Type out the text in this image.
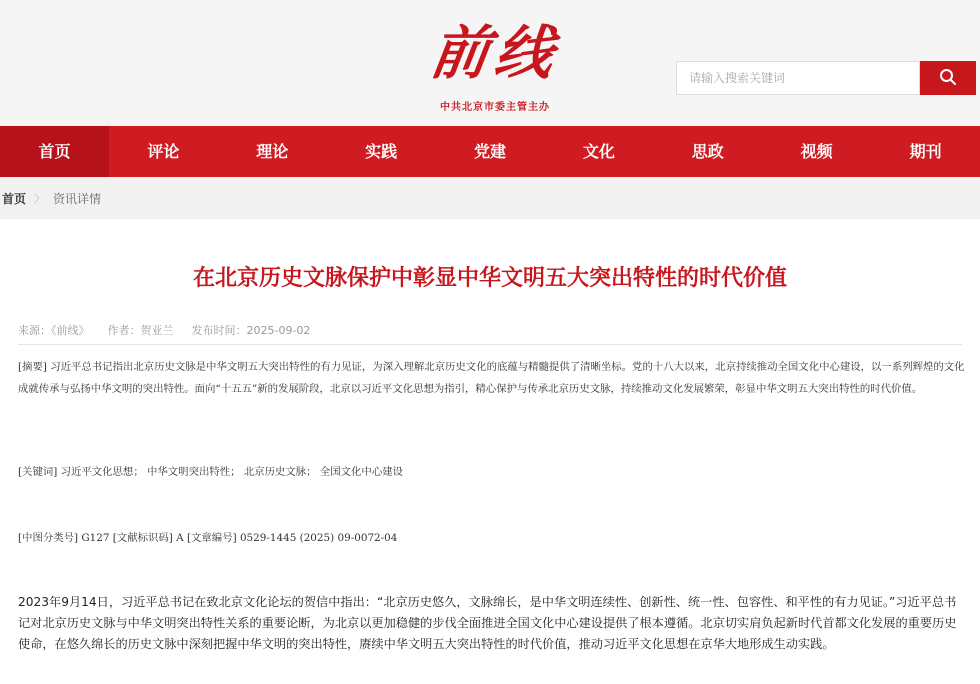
前线
中共北京市委主管主办
请输入搜索关键词
首页	评论	理论	实践	党建	文化	思政	视频	期刊
首页 〉 资讯详情
在北京历史文脉保护中彰显中华文明五大突出特性的时代价值
来源：《前线》 作者：贺亚兰 发布时间：2025-09-02

[摘要] 习近平总书记指出北京历史文脉是中华文明五大突出特性的有力见证，为深入理解北京历史文化的底蕴与精髓提供了清晰坐标。党的十八大以来，北京持续推动全国文化中心建设，以一系列辉煌的文化成就传承与弘扬中华文明的突出特性。面向“十五五”新的发展阶段，北京以习近平文化思想为指引，精心保护与传承北京历史文脉，持续推动文化发展繁荣，彰显中华文明五大突出特性的时代价值。

[关键词] 习近平文化思想； 中华文明突出特性； 北京历史文脉； 全国文化中心建设

[中图分类号] G127 [文献标识码] A [文章编号] 0529-1445 (2025) 09-0072-04

2023年9月14日，习近平总书记在致北京文化论坛的贺信中指出：“北京历史悠久，文脉绵长，是中华文明连续性、创新性、统一性、包容性、和平性的有力见证。”习近平总书记对北京历史文脉与中华文明突出特性关系的重要论断，为北京以更加稳健的步伐全面推进全国文化中心建设提供了根本遵循。北京切实肩负起新时代首都文化发展的重要历史使命，在悠久绵长的历史文脉中深刻把握中华文明的突出特性，赓续中华文明五大突出特性的时代价值，推动习近平文化思想在京华大地形成生动实践。
